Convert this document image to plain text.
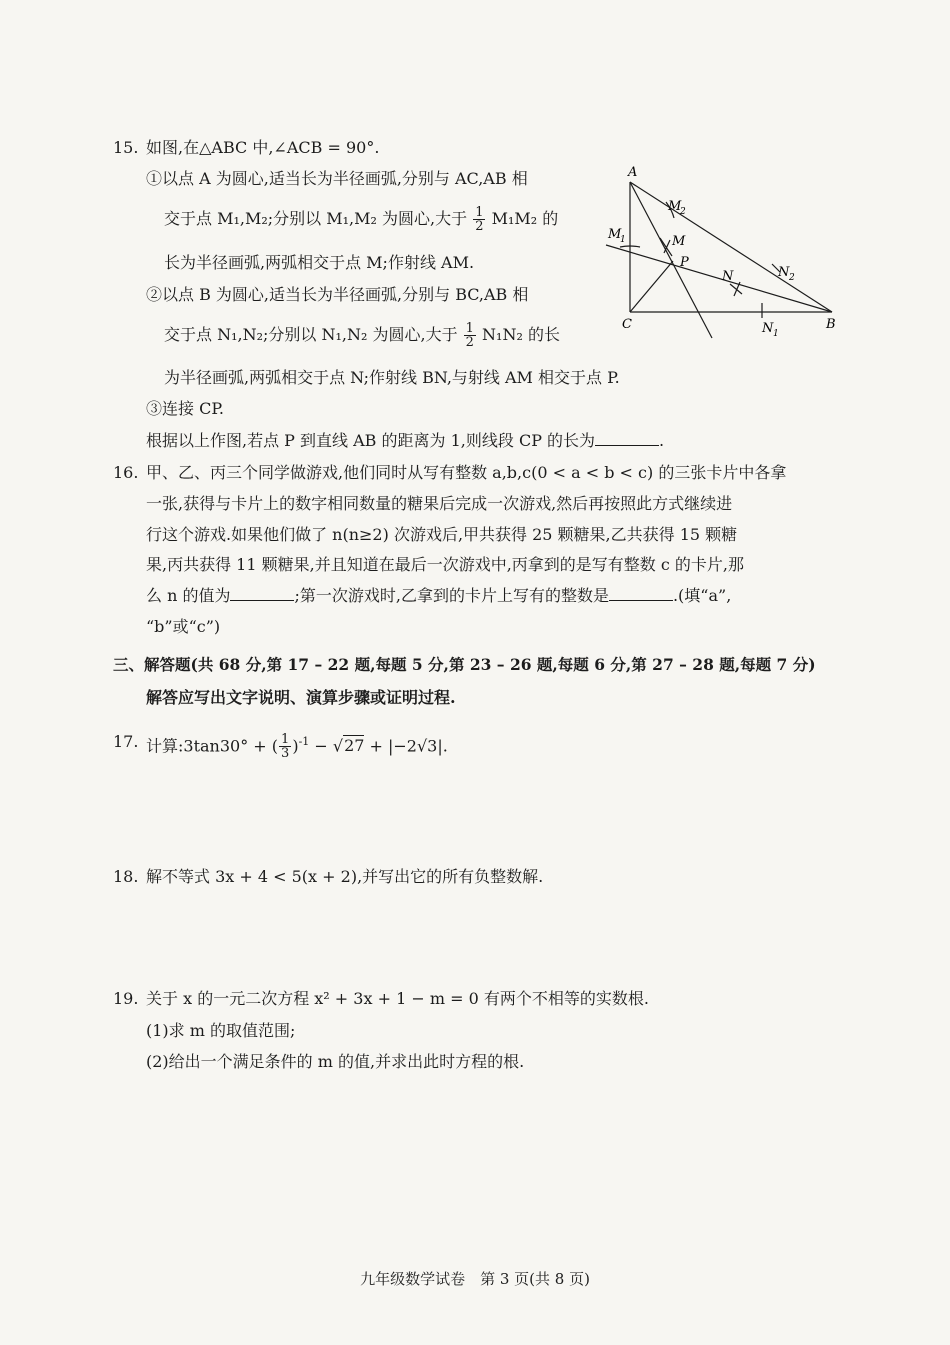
15. 如图,在△ABC 中,∠ACB = 90°.
①以点 A 为圆心,适当长为半径画弧,分别与 AC,AB 相
交于点 M₁,M₂;分别以 M₁,M₂ 为圆心,大于 $\frac{1}{2} M_1M_2$ 的
长为半径画弧,两弧相交于点 M;作射线 AM.
②以点 B 为圆心,适当长为半径画弧,分别与 BC,AB 相
交于点 N₁,N₂;分别以 N₁,N₂ 为圆心,大于 $\frac{1}{2} N_1N_2$ 的长
为半径画弧,两弧相交于点 N;作射线 BN,与射线 AM 相交于点 P.
③连接 CP.
根据以上作图,若点 P 到直线 AB 的距离为 1,则线段 CP 的长为	.
A
B
C
P
M
N
M
1
M
2
N 1
N 2
16. 甲、乙、丙三个同学做游戏,他们同时从写有整数 a,b,c(0 < a < b < c) 的三张卡片中各拿
一张,获得与卡片上的数字相同数量的糖果后完成一次游戏,然后再按照此方式继续进
行这个游戏.如果他们做了 n(n≥2) 次游戏后,甲共获得 25 颗糖果,乙共获得 15 颗糖
果,丙共获得 11 颗糖果,并且知道在最后一次游戏中,丙拿到的是写有整数 c 的卡片,那
么 n 的值为	;第一次游戏时,乙拿到的卡片上写有的整数是	.(填“a”,
“b”或“c”)
三、解答题(共 68 分,第 17 – 22 题,每题 5 分,第 23 – 26 题,每题 6 分,第 27 – 28 题,每题 7 分)
解答应写出文字说明、演算步骤或证明过程.
17. 计算:3tan30° + ( $\frac{1}{3} )^{-1} - √27 + |-2√3|$.
18. 解不等式 3x + 4 < 5(x + 2),并写出它的所有负整数解.
19. 关于 x 的一元二次方程 x² + 3x + 1 − m = 0 有两个不相等的实数根.
(1)求 m 的取值范围;
(2)给出一个满足条件的 m 的值,并求出此时方程的根.
九年级数学试卷　第 3 页(共 8 页)
